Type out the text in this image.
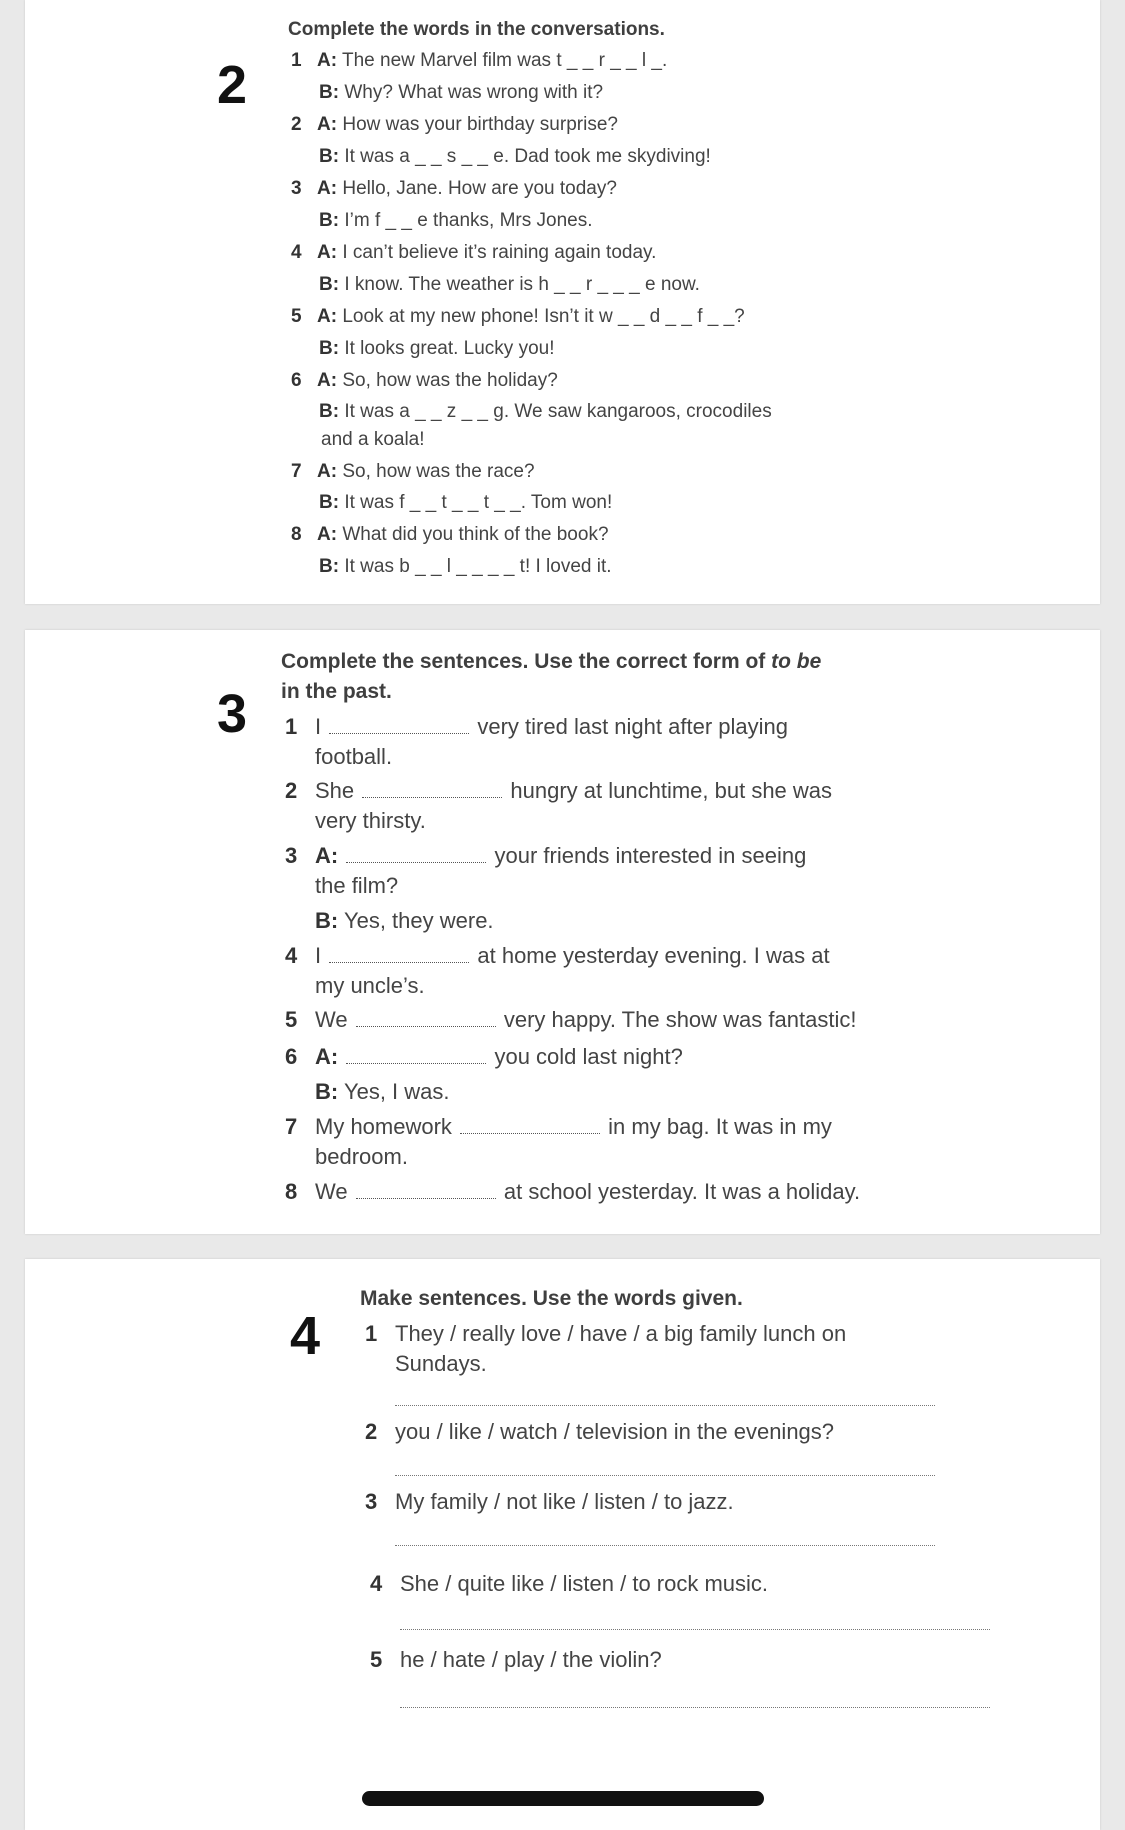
2
Complete the words in the conversations.
1 A: The new Marvel film was t _ _ r _ _ l _.
B: Why? What was wrong with it?
2 A: How was your birthday surprise?
B: It was a _ _ s _ _ e. Dad took me skydiving!
3 A: Hello, Jane. How are you today?
B: I’m f _ _ e thanks, Mrs Jones.
4 A: I can’t believe it’s raining again today.
B: I know. The weather is h _ _ r _ _ _ e now.
5 A: Look at my new phone! Isn’t it w _ _ d _ _ f _ _?
B: It looks great. Lucky you!
6 A: So, how was the holiday?
B: It was a _ _ z _ _ g. We saw kangaroos, crocodiles
and a koala!
7 A: So, how was the race?
B: It was f _ _ t _ _ t _ _. Tom won!
8 A: What did you think of the book?
B: It was b _ _ l _ _ _ _ t! I loved it.
3
Complete the sentences. Use the correct form of to be
in the past.
1 I	very tired last night after playing
football.
2 She	hungry at lunchtime, but she was
very thirsty.
3 A:	your friends interested in seeing
the film?
B: Yes, they were.
4 I	at home yesterday evening. I was at
my uncle’s.
5 We	very happy. The show was fantastic!
6 A:	you cold last night?
B: Yes, I was.
7 My homework	in my bag. It was in my
bedroom.
8 We	at school yesterday. It was a holiday.
4
Make sentences. Use the words given.
1 They / really love / have / a big family lunch on
Sundays.
2 you / like / watch / television in the evenings?
3 My family / not like / listen / to jazz.
4 She / quite like / listen / to rock music.
5 he / hate / play / the violin?
